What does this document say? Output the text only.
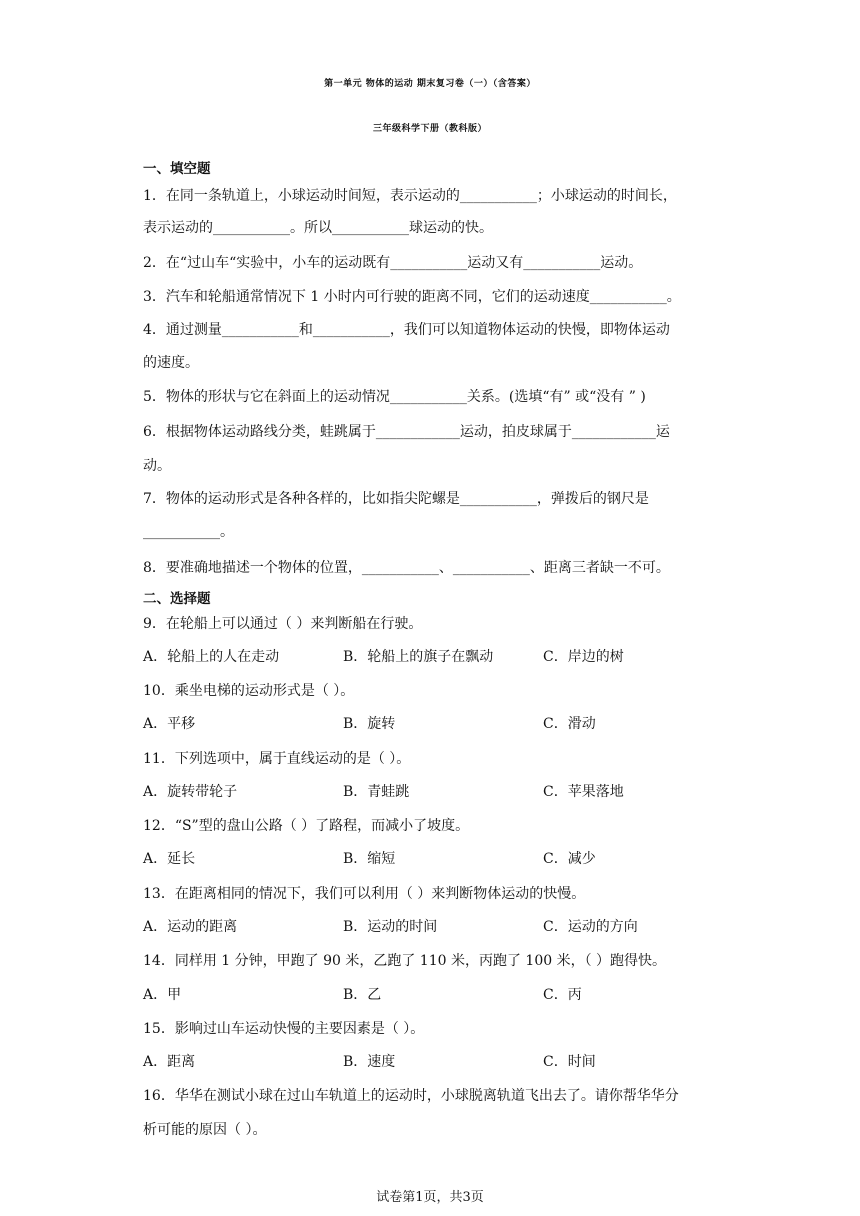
第一单元 物体的运动 期末复习卷（一）（含答案）
三年级科学下册（教科版）
一、填空题
1．在同一条轨道上，小球运动时间短，表示运动的___________；小球运动的时间长，
表示运动的___________。所以___________球运动的快。
2．在“过山车“实验中，小车的运动既有___________运动又有___________运动。
3．汽车和轮船通常情况下 1 小时内可行驶的距离不同，它们的运动速度___________。
4．通过测量___________和___________，我们可以知道物体运动的快慢，即物体运动
的速度。
5．物体的形状与它在斜面上的运动情况___________关系。(选填“有” 或“没有 ” )
6．根据物体运动路线分类，蛙跳属于____________运动，拍皮球属于____________运
动。
7．物体的运动形式是各种各样的，比如指尖陀螺是___________，弹拨后的钢尺是
___________。
8．要准确地描述一个物体的位置，___________、___________、距离三者缺一不可。
二、选择题
9．在轮船上可以通过（ ）来判断船在行驶。
A．轮船上的人在走动	B．轮船上的旗子在飘动	C．岸边的树
10．乘坐电梯的运动形式是（ ）。
A．平移	B．旋转	C．滑动
11．下列选项中，属于直线运动的是（ ）。
A．旋转带轮子	B．青蛙跳	C．苹果落地
12．“S”型的盘山公路（ ）了路程，而减小了坡度。
A．延长	B．缩短	C．减少
13．在距离相同的情况下，我们可以利用（ ）来判断物体运动的快慢。
A．运动的距离	B．运动的时间	C．运动的方向
14．同样用 1 分钟，甲跑了 90 米，乙跑了 110 米，丙跑了 100 米，（ ）跑得快。
A．甲	B．乙	C．丙
15．影响过山车运动快慢的主要因素是（ ）。
A．距离	B．速度	C．时间
16．华华在测试小球在过山车轨道上的运动时，小球脱离轨道飞出去了。请你帮华华分
析可能的原因（ ）。
试卷第1页，共3页
